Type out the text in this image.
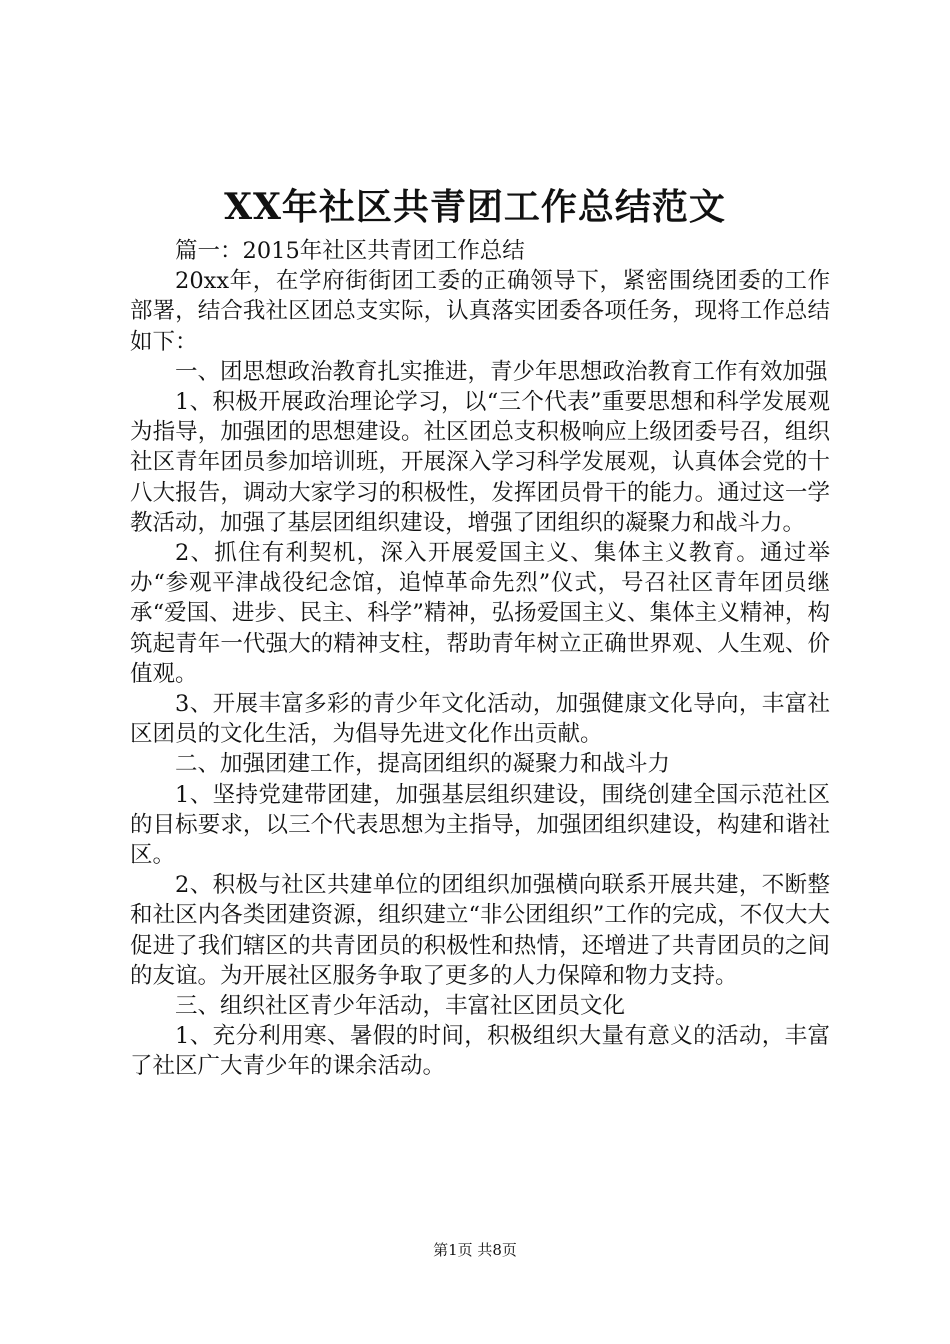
XX年社区共青团工作总结范文

篇一：2015年社区共青团工作总结

20xx年，在学府街街团工委的正确领导下，紧密围绕团委的工作部署，结合我社区团总支实际，认真落实团委各项任务，现将工作总结如下：

一、团思想政治教育扎实推进，青少年思想政治教育工作有效加强

1、积极开展政治理论学习，以“三个代表”重要思想和科学发展观为指导，加强团的思想建设。社区团总支积极响应上级团委号召，组织社区青年团员参加培训班，开展深入学习科学发展观，认真体会党的十八大报告，调动大家学习的积极性，发挥团员骨干的能力。通过这一学教活动，加强了基层团组织建设，增强了团组织的凝聚力和战斗力。

2、抓住有利契机，深入开展爱国主义、集体主义教育。通过举办“参观平津战役纪念馆，追悼革命先烈”仪式，号召社区青年团员继承“爱国、进步、民主、科学”精神，弘扬爱国主义、集体主义精神，构筑起青年一代强大的精神支柱，帮助青年树立正确世界观、人生观、价值观。

3、开展丰富多彩的青少年文化活动，加强健康文化导向，丰富社区团员的文化生活，为倡导先进文化作出贡献。

二、加强团建工作，提高团组织的凝聚力和战斗力

1、坚持党建带团建，加强基层组织建设，围绕创建全国示范社区的目标要求，以三个代表思想为主指导，加强团组织建设，构建和谐社区。

2、积极与社区共建单位的团组织加强横向联系开展共建，不断整和社区内各类团建资源，组织建立“非公团组织”工作的完成，不仅大大促进了我们辖区的共青团员的积极性和热情，还增进了共青团员的之间的友谊。为开展社区服务争取了更多的人力保障和物力支持。

三、组织社区青少年活动，丰富社区团员文化

1、充分利用寒、暑假的时间，积极组织大量有意义的活动，丰富了社区广大青少年的课余活动。

第1页 共8页
